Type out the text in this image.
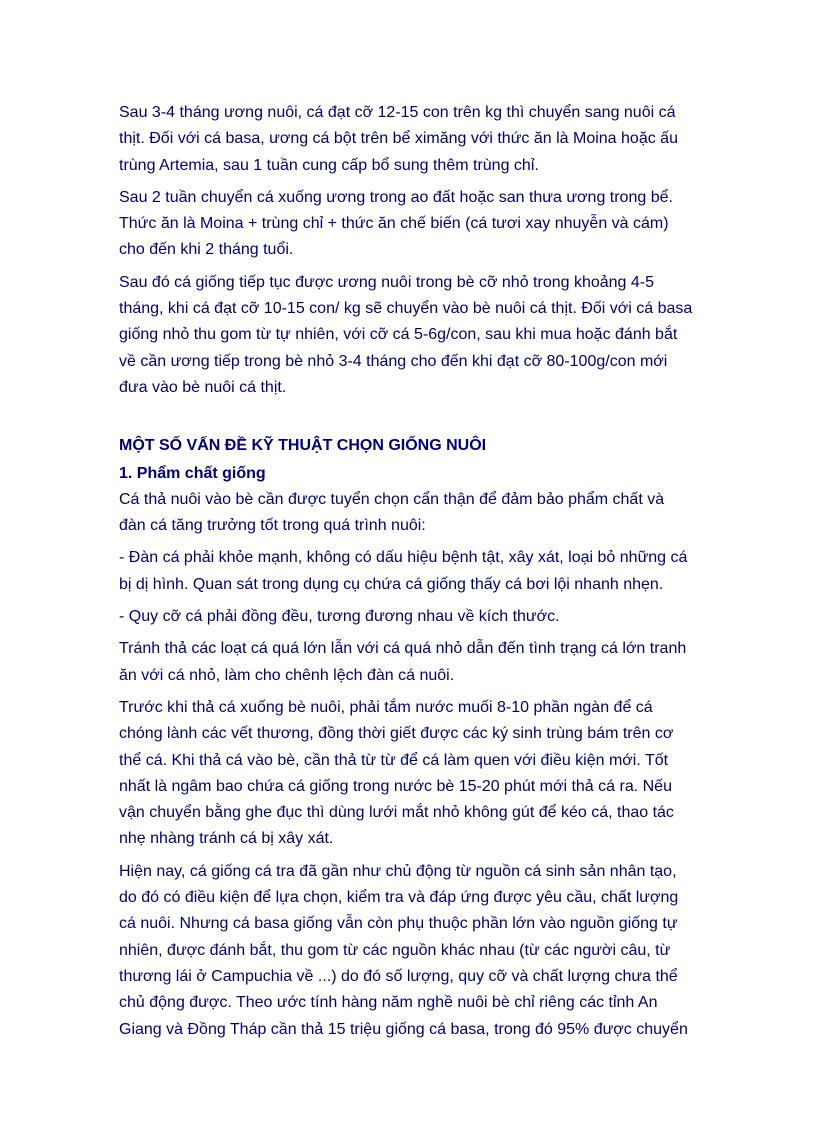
Sau 3-4 tháng ương nuôi, cá đạt cỡ 12-15 con trên kg thì chuyển sang nuôi cá
thịt. Đối với cá basa, ương cá bột trên bể ximăng với thức ăn là Moina hoặc ấu
trùng Artemia, sau 1 tuần cung cấp bổ sung thêm trùng chỉ.

Sau 2 tuần chuyển cá xuống ương trong ao đất hoặc san thưa ương trong bể.
Thức ăn là Moina + trùng chỉ + thức ăn chế biến (cá tươi xay nhuyễn và cám)
cho đến khi 2 tháng tuổi.

Sau đó cá giống tiếp tục được ương nuôi trong bè cỡ nhỏ trong khoảng 4-5
tháng, khi cá đạt cỡ 10-15 con/ kg sẽ chuyển vào bè nuôi cá thịt. Đối với cá basa
giống nhỏ thu gom từ tự nhiên, với cỡ cá 5-6g/con, sau khi mua hoặc đánh bắt
về cần ương tiếp trong bè nhỏ 3-4 tháng cho đến khi đạt cỡ 80-100g/con mới
đưa vào bè nuôi cá thịt.

MỘT SỐ VẤN ĐỀ KỸ THUẬT CHỌN GIỐNG NUÔI
1. Phẩm chất giống

Cá thả nuôi vào bè cần được tuyển chọn cẩn thận để đảm bảo phẩm chất và
đàn cá tăng trưởng tốt trong quá trình nuôi:

- Đàn cá phải khỏe mạnh, không có dấu hiệu bệnh tật, xây xát, loại bỏ những cá
bị dị hình. Quan sát trong dụng cụ chứa cá giống thấy cá bơi lội nhanh nhẹn.

- Quy cỡ cá phải đồng đều, tương đương nhau về kích thước.

Tránh thả các loạt cá quá lớn lẫn với cá quá nhỏ dẫn đến tình trạng cá lớn tranh
ăn với cá nhỏ, làm cho chênh lệch đàn cá nuôi.

Trước khi thả cá xuống bè nuôi, phải tắm nước muối 8-10 phần ngàn để cá
chóng lành các vết thương, đồng thời giết được các ký sinh trùng bám trên cơ
thể cá. Khi thả cá vào bè, cần thả từ từ để cá làm quen với điều kiện mới. Tốt
nhất là ngâm bao chứa cá giống trong nước bè 15-20 phút mới thả cá ra. Nếu
vận chuyển bằng ghe đục thì dùng lưới mắt nhỏ không gút để kéo cá, thao tác
nhẹ nhàng tránh cá bị xây xát.

Hiện nay, cá giống cá tra đã gần như chủ động từ nguồn cá sinh sản nhân tạo,
do đó có điều kiện để lựa chọn, kiểm tra và đáp ứng được yêu cầu, chất lượng
cá nuôi. Nhưng cá basa giống vẫn còn phụ thuộc phần lớn vào nguồn giống tự
nhiên, được đánh bắt, thu gom từ các nguồn khác nhau (từ các người câu, từ
thương lái ở Campuchia về ...) do đó số lượng, quy cỡ và chất lượng chưa thể
chủ động được. Theo ước tính hàng năm nghề nuôi bè chỉ riêng các tỉnh An
Giang và Đồng Tháp cần thả 15 triệu giống cá basa, trong đó 95% được chuyển
